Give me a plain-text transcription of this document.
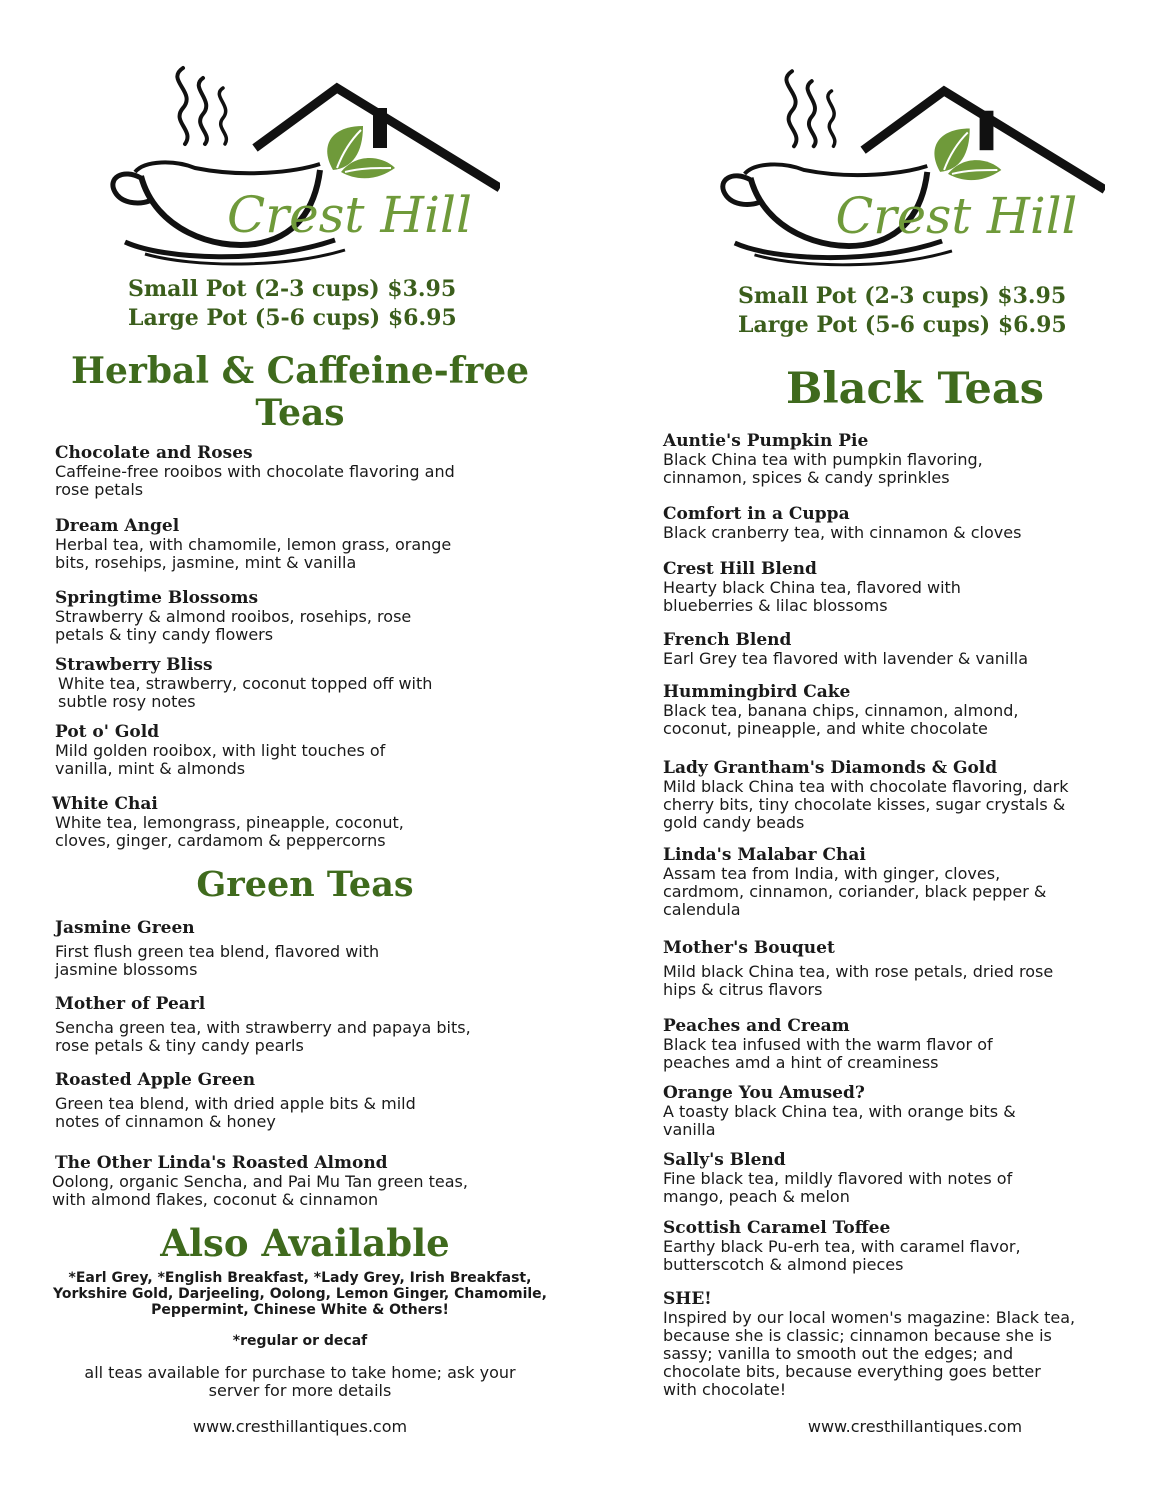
Crest Hill
Small Pot (2-3 cups) $3.95
Large Pot (5-6 cups) $6.95
Herbal & Caffeine-free
Teas
Chocolate and Roses
Caffeine-free rooibos with chocolate flavoring and rose petals
Dream Angel
Herbal tea, with chamomile, lemon grass, orange bits, rosehips, jasmine, mint & vanilla
Springtime Blossoms
Strawberry & almond rooibos, rosehips, rose petals & tiny candy flowers
Strawberry Bliss
White tea, strawberry, coconut topped off with subtle rosy notes
Pot o' Gold
Mild golden rooibox, with light touches of vanilla, mint & almonds
White Chai
White tea, lemongrass, pineapple, coconut, cloves, ginger, cardamom & peppercorns
Green Teas
Jasmine Green
First flush green tea blend, flavored with jasmine blossoms
Mother of Pearl
Sencha green tea, with strawberry and papaya bits, rose petals & tiny candy pearls
Roasted Apple Green
Green tea blend, with dried apple bits & mild notes of cinnamon & honey
The Other Linda's Roasted Almond
Oolong, organic Sencha, and Pai Mu Tan green teas, with almond flakes, coconut & cinnamon
Also Available
*Earl Grey, *English Breakfast, *Lady Grey, Irish Breakfast, Yorkshire Gold, Darjeeling, Oolong, Lemon Ginger, Chamomile, Peppermint, Chinese White & Others!
*regular or decaf
all teas available for purchase to take home; ask your server for more details
www.cresthillantiques.com
Crest Hill
Small Pot (2-3 cups) $3.95
Large Pot (5-6 cups) $6.95
Black Teas
Auntie's Pumpkin Pie
Black China tea with pumpkin flavoring, cinnamon, spices & candy sprinkles
Comfort in a Cuppa
Black cranberry tea, with cinnamon & cloves
Crest Hill Blend
Hearty black China tea, flavored with blueberries & lilac blossoms
French Blend
Earl Grey tea flavored with lavender & vanilla
Hummingbird Cake
Black tea, banana chips, cinnamon, almond, coconut, pineapple, and white chocolate
Lady Grantham's Diamonds & Gold
Mild black China tea with chocolate flavoring, dark cherry bits, tiny chocolate kisses, sugar crystals & gold candy beads
Linda's Malabar Chai
Assam tea from India, with ginger, cloves, cardmom, cinnamon, coriander, black pepper & calendula
Mother's Bouquet
Mild black China tea, with rose petals, dried rose hips & citrus flavors
Peaches and Cream
Black tea infused with the warm flavor of peaches amd a hint of creaminess
Orange You Amused?
A toasty black China tea, with orange bits & vanilla
Sally's Blend
Fine black tea, mildly flavored with notes of mango, peach & melon
Scottish Caramel Toffee
Earthy black Pu-erh tea, with caramel flavor, butterscotch & almond pieces
SHE!
Inspired by our local women's magazine: Black tea, because she is classic; cinnamon because she is sassy; vanilla to smooth out the edges; and chocolate bits, because everything goes better with chocolate!
www.cresthillantiques.com
